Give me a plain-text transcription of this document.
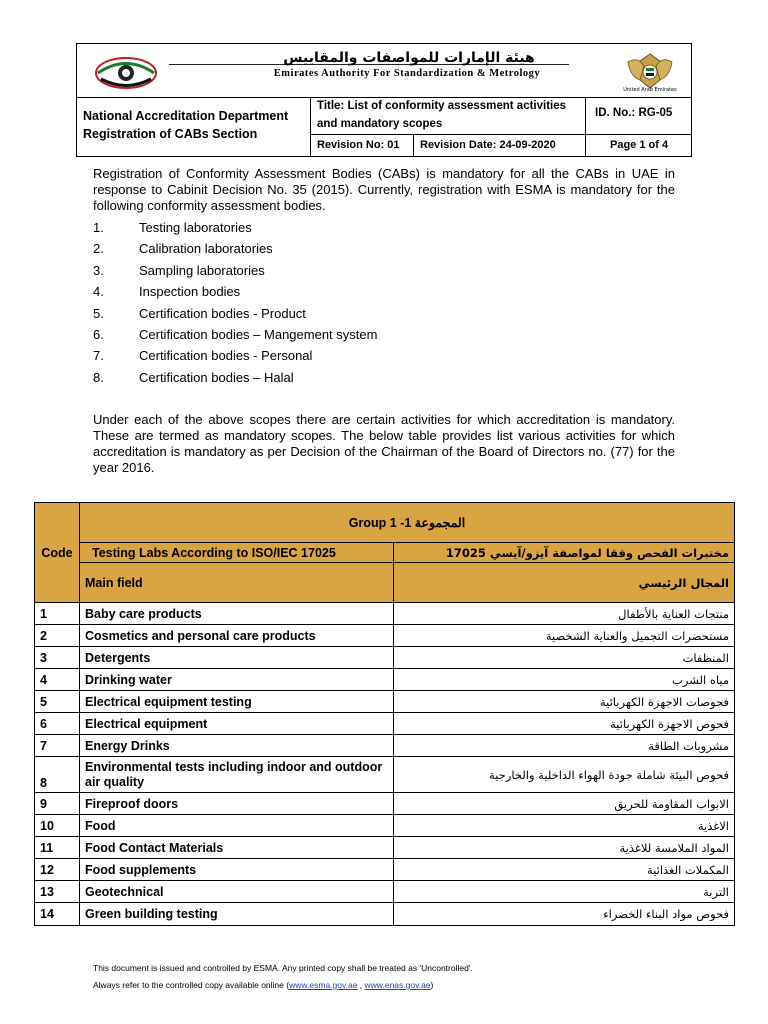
هيئة الإمارات للمواصفات والمقاييس
Emirates Authority For Standardization & Metrology
United Arab Emirates
National Accreditation Department
Registration of CABs Section
Title: List of conformity assessment activities
and mandatory scopes
ID. No.: RG-05
Revision No: 01 Revision Date: 24-09-2020	Page 1 of 4
Registration of Conformity Assessment Bodies (CABs) is mandatory for all the CABs in UAE in response to Cabinit Decision No. 35 (2015). Currently, registration with ESMA is mandatory for the following conformity assessment bodies.
1.	Testing laboratories
2.	Calibration laboratories
3.	Sampling laboratories
4.	Inspection bodies
5.	Certification bodies - Product
6.	Certification bodies – Mangement system
7.	Certification bodies - Personal
8.	Certification bodies – Halal
Under each of the above scopes there are certain activities for which accreditation is mandatory. These are termed as mandatory scopes. The below table provides list various activities for which accreditation is mandatory as per Decision of the Chairman of the Board of Directors no. (77) for the year 2016.
Code	Group 1 -1 المجموعة	
	Testing Labs According to ISO/IEC 17025	مختبرات الفحص وفقا لمواصفة آيزو/آيسي 17025
	Main field	المجال الرئيسي
1	Baby care products	منتجات العناية بالأطفال
2	Cosmetics and personal care products	مستحضرات التجميل والعناية الشخصية
3	Detergents	المنظفات
4	Drinking water	مياه الشرب
5	Electrical equipment testing	فحوصات الاجهزة الكهربائية
6	Electrical equipment	فحوص الاجهزة الكهربائية
7	Energy Drinks	مشروبات الطاقة
8	Environmental tests including indoor and outdoor air quality	فحوص البيئة شاملة جودة الهواء الداخلية والخارجية
9	Fireproof doors	الابواب المقاومة للحريق
10	Food	الاغذية
11	Food Contact Materials	المواد الملامسة للاغذية
12	Food supplements	المكملات الغذائية
13	Geotechnical	التربة
14	Green building testing	فحوص مواد البناء الخضراء
This document is issued and controlled by ESMA. Any printed copy shall be treated as 'Uncontrolled'.
Always refer to the controlled copy available online (www.esma.gov.ae , www.enas.gov.ae)
